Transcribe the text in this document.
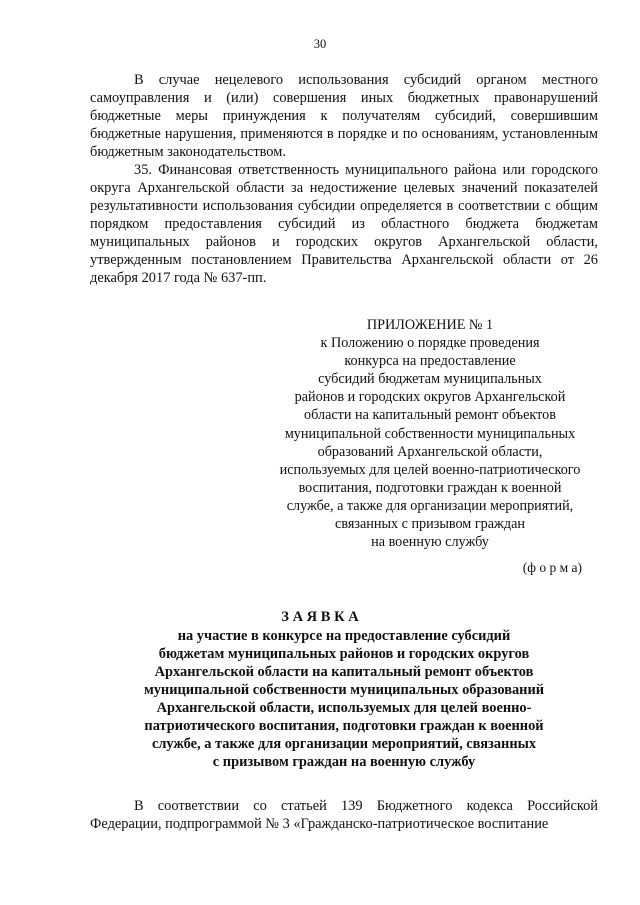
30

В случае нецелевого использования субсидий органом местного самоуправления и (или) совершения иных бюджетных правонарушений бюджетные меры принуждения к получателям субсидий, совершившим бюджетные нарушения, применяются в порядке и по основаниям, установленным бюджетным законодательством.

35. Финансовая ответственность муниципального района или городского округа Архангельской области за недостижение целевых значений показателей результативности использования субсидии определяется в соответствии с общим порядком предоставления субсидий из областного бюджета бюджетам муниципальных районов и городских округов Архангельской области, утвержденным постановлением Правительства Архангельской области от 26 декабря 2017 года № 637-пп.

ПРИЛОЖЕНИЕ № 1
к Положению о порядке проведения
конкурса на предоставление
субсидий бюджетам муниципальных
районов и городских округов Архангельской
области на капитальный ремонт объектов
муниципальной собственности муниципальных
образований Архангельской области,
используемых для целей военно-патриотического
воспитания, подготовки граждан к военной
службе, а также для организации мероприятий,
связанных с призывом граждан
на военную службу
(ф о р м а)
З А Я В К А
на участие в конкурсе на предоставление субсидий
бюджетам муниципальных районов и городских округов
Архангельской области на капитальный ремонт объектов
муниципальной собственности муниципальных образований
Архангельской области, используемых для целей военно-
патриотического воспитания, подготовки граждан к военной
службе, а также для организации мероприятий, связанных
с призывом граждан на военную службу

В соответствии со статьей 139 Бюджетного кодекса Российской Федерации, подпрограммой № 3 «Гражданско-патриотическое воспитание
